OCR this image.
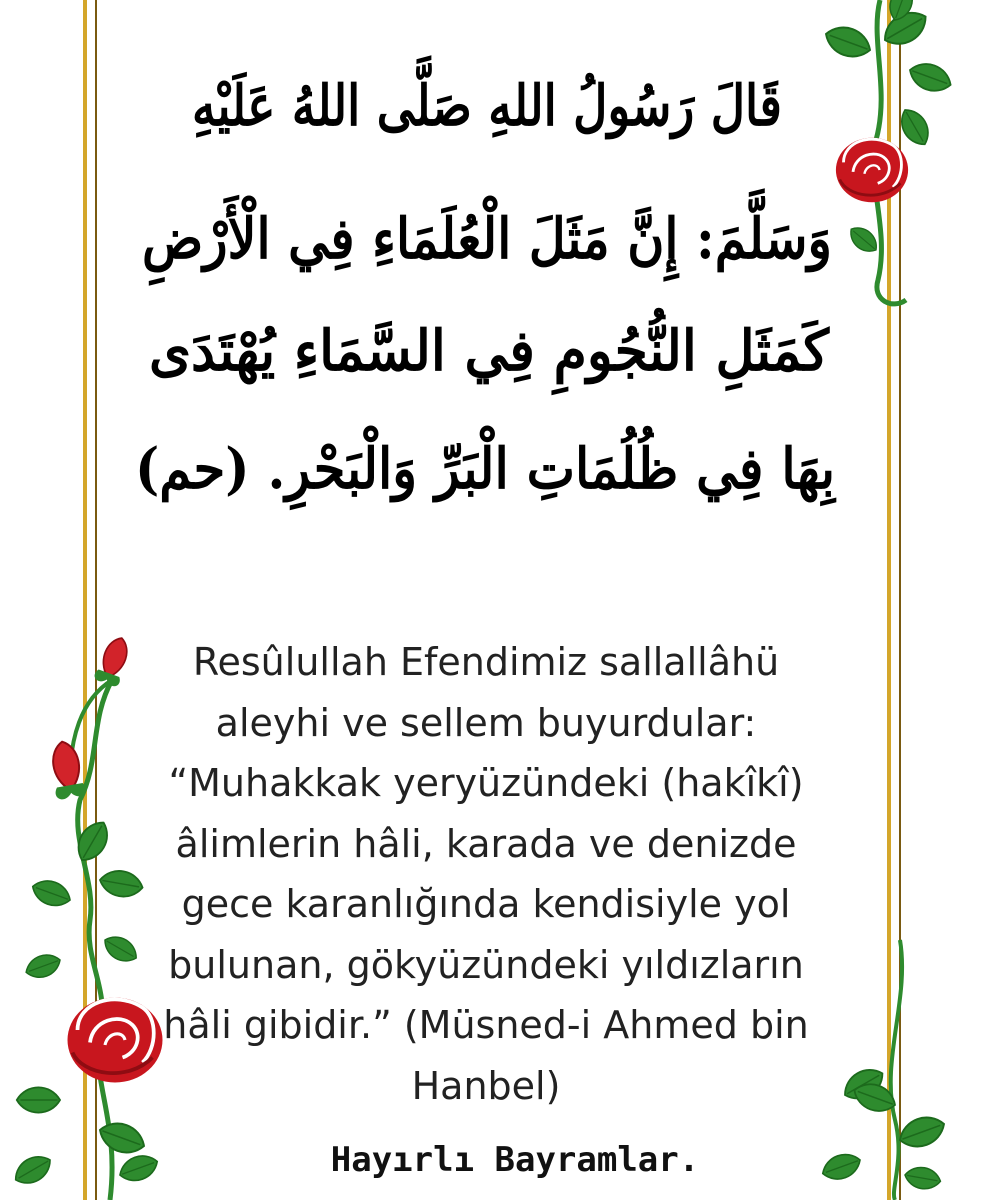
قَالَ رَسُولُ اللهِ صَلَّى اللهُ عَلَيْهِ
وَسَلَّمَ: إِنَّ مَثَلَ الْعُلَمَاءِ فِي الْأَرْضِ
كَمَثَلِ النُّجُومِ فِي السَّمَاءِ يُهْتَدَى
بِهَا فِي ظُلُمَاتِ الْبَرِّ وَالْبَحْرِ. (حم)
Resûlullah Efendimiz sallallâhü
aleyhi ve sellem buyurdular:
“Muhakkak yeryüzündeki (hakîkî)
âlimlerin hâli, karada ve denizde
gece karanlığında kendisiyle yol
bulunan, gökyüzündeki yıldızların
hâli gibidir.” (Müsned-i Ahmed bin
Hanbel)
Hayırlı Bayramlar.
